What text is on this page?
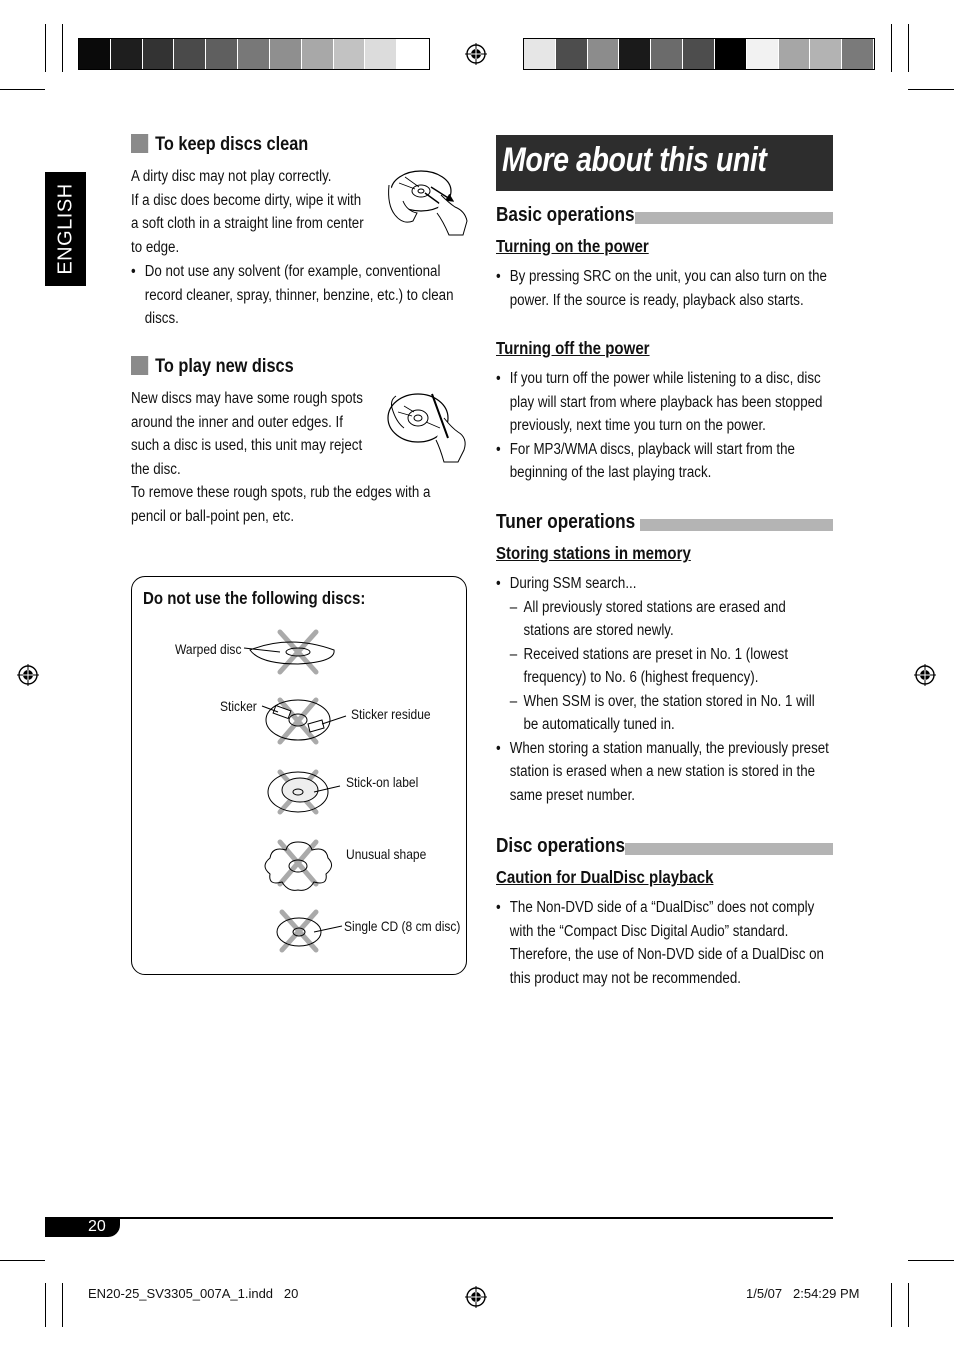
ENGLISH
To keep discs clean

A dirty disc may not play correctly.

If a disc does become dirty, wipe it with

a soft cloth in a straight line from center

to edge.

• Do not use any solvent (for example, conventional record cleaner, spray, thinner, benzine, etc.) to clean discs.

To play new discs

New discs may have some rough spots

around the inner and outer edges. If

such a disc is used, this unit may reject

the disc.

To remove these rough spots, rub the edges with a pencil or ball-point pen, etc.

Do not use the following discs:
Warped disc
Sticker	Sticker residue
Stick-on label
Unusual shape
Single CD (8 cm disc)
More about this unit
Basic operations
Turning on the power

• By pressing SRC on the unit, you can also turn on the power. If the source is ready, playback also starts.

Turning off the power

• If you turn off the power while listening to a disc, disc play will start from where playback has been stopped previously, next time you turn on the power.

• For MP3/WMA discs, playback will start from the beginning of the last playing track.

Tuner operations
Storing stations in memory

• During SSM search...

– All previously stored stations are erased and stations are stored newly.

– Received stations are preset in No. 1 (lowest frequency) to No. 6 (highest frequency).

– When SSM is over, the station stored in No. 1 will be automatically tuned in.

• When storing a station manually, the previously preset station is erased when a new station is stored in the same preset number.

Disc operations
Caution for DualDisc playback

• The Non-DVD side of a “DualDisc” does not comply with the “Compact Disc Digital Audio” standard. Therefore, the use of Non-DVD side of a DualDisc on this product may not be recommended.

20
EN20-25_SV3305_007A_1.indd 20	1/5/07 2:54:29 PM
